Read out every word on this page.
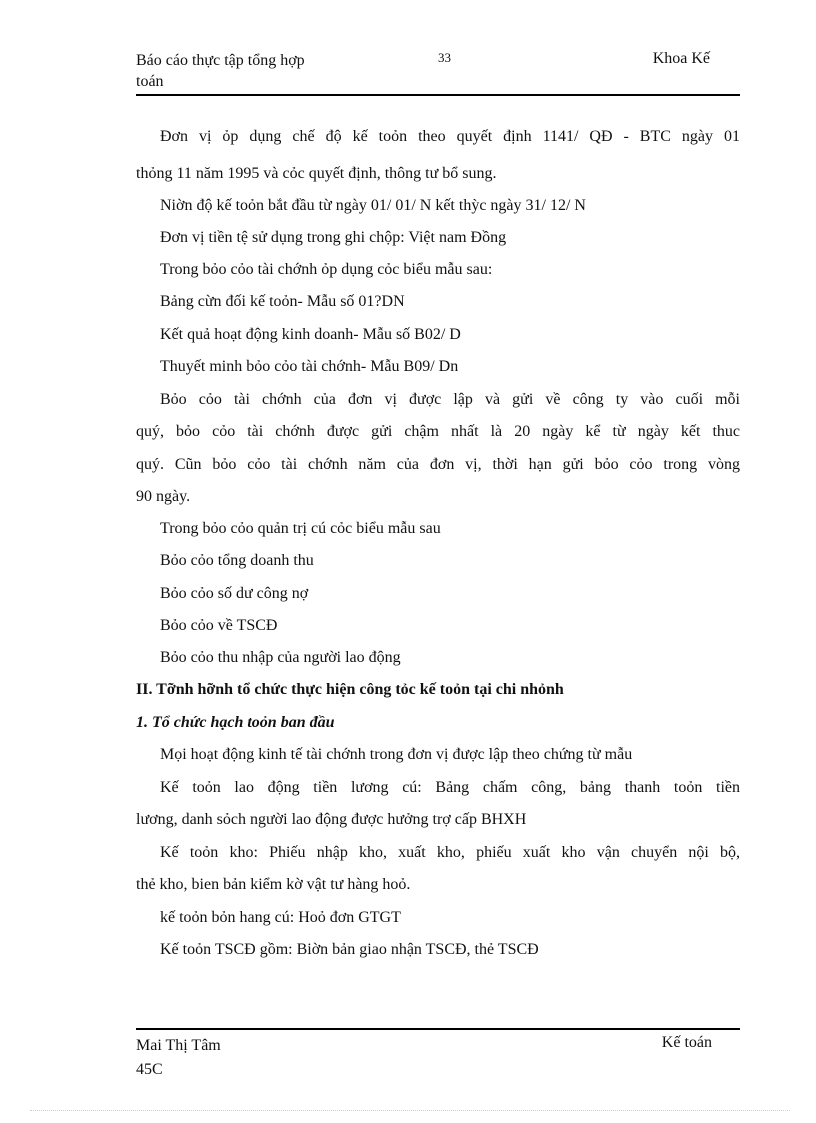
Báo cáo thực tập tổng hợp
toán
33	Khoa Kế
Đơn vị ỏp dụng chế độ kế toỏn theo quyết định 1141/ QĐ - BTC ngày 01
thỏng 11 năm 1995 và cỏc quyết định, thông tư bổ sung.
Niờn độ kế toỏn bắt đầu từ ngày 01/ 01/ N kết thỳc ngày 31/ 12/ N
Đơn vị tiền tệ sử dụng trong ghi chộp: Việt nam Đồng
Trong bỏo cỏo tài chớnh ỏp dụng cỏc biểu mẫu sau:
Bảng cừn đối kế toỏn- Mẫu số 01?DN
Kết quả hoạt động kinh doanh- Mẫu số B02/ D
Thuyết minh bỏo cỏo tài chớnh- Mẫu B09/ Dn
Bỏo cỏo tài chớnh của đơn vị được lập và gửi về công ty vào cuối mỗi
quý, bỏo cỏo tài chớnh được gửi chậm nhất là 20 ngày kể từ ngày kết thuc
quý. Cũn bỏo cỏo tài chớnh năm của đơn vị, thời hạn gửi bỏo cỏo trong vòng
90 ngày.
Trong bỏo cỏo quản trị cú cỏc biểu mẫu sau
Bỏo cỏo tổng doanh thu
Bỏo cỏo số dư công nợ
Bỏo cỏo về TSCĐ
Bỏo cỏo thu nhập của người lao động
II. Tỡnh hỡnh tổ chức thực hiện công tỏc kế toỏn tại chi nhỏnh
1. Tổ chức hạch toỏn ban đầu
Mọi hoạt động kinh tế tài chớnh trong đơn vị được lập theo chứng từ mẫu
Kế toỏn lao động tiền lương cú: Bảng chấm công, bảng thanh toỏn tiền
lương, danh sỏch người lao động được hưởng trợ cấp BHXH
Kế toỏn kho: Phiếu nhập kho, xuất kho, phiếu xuất kho vận chuyển nội bộ,
thẻ kho, bien bản kiểm kờ vật tư hàng hoỏ.
kế toỏn bỏn hang cú: Hoỏ đơn GTGT
Kế toỏn TSCĐ gồm: Biờn bản giao nhận TSCĐ, thẻ TSCĐ
Mai Thị Tâm
45C
Kế toán
